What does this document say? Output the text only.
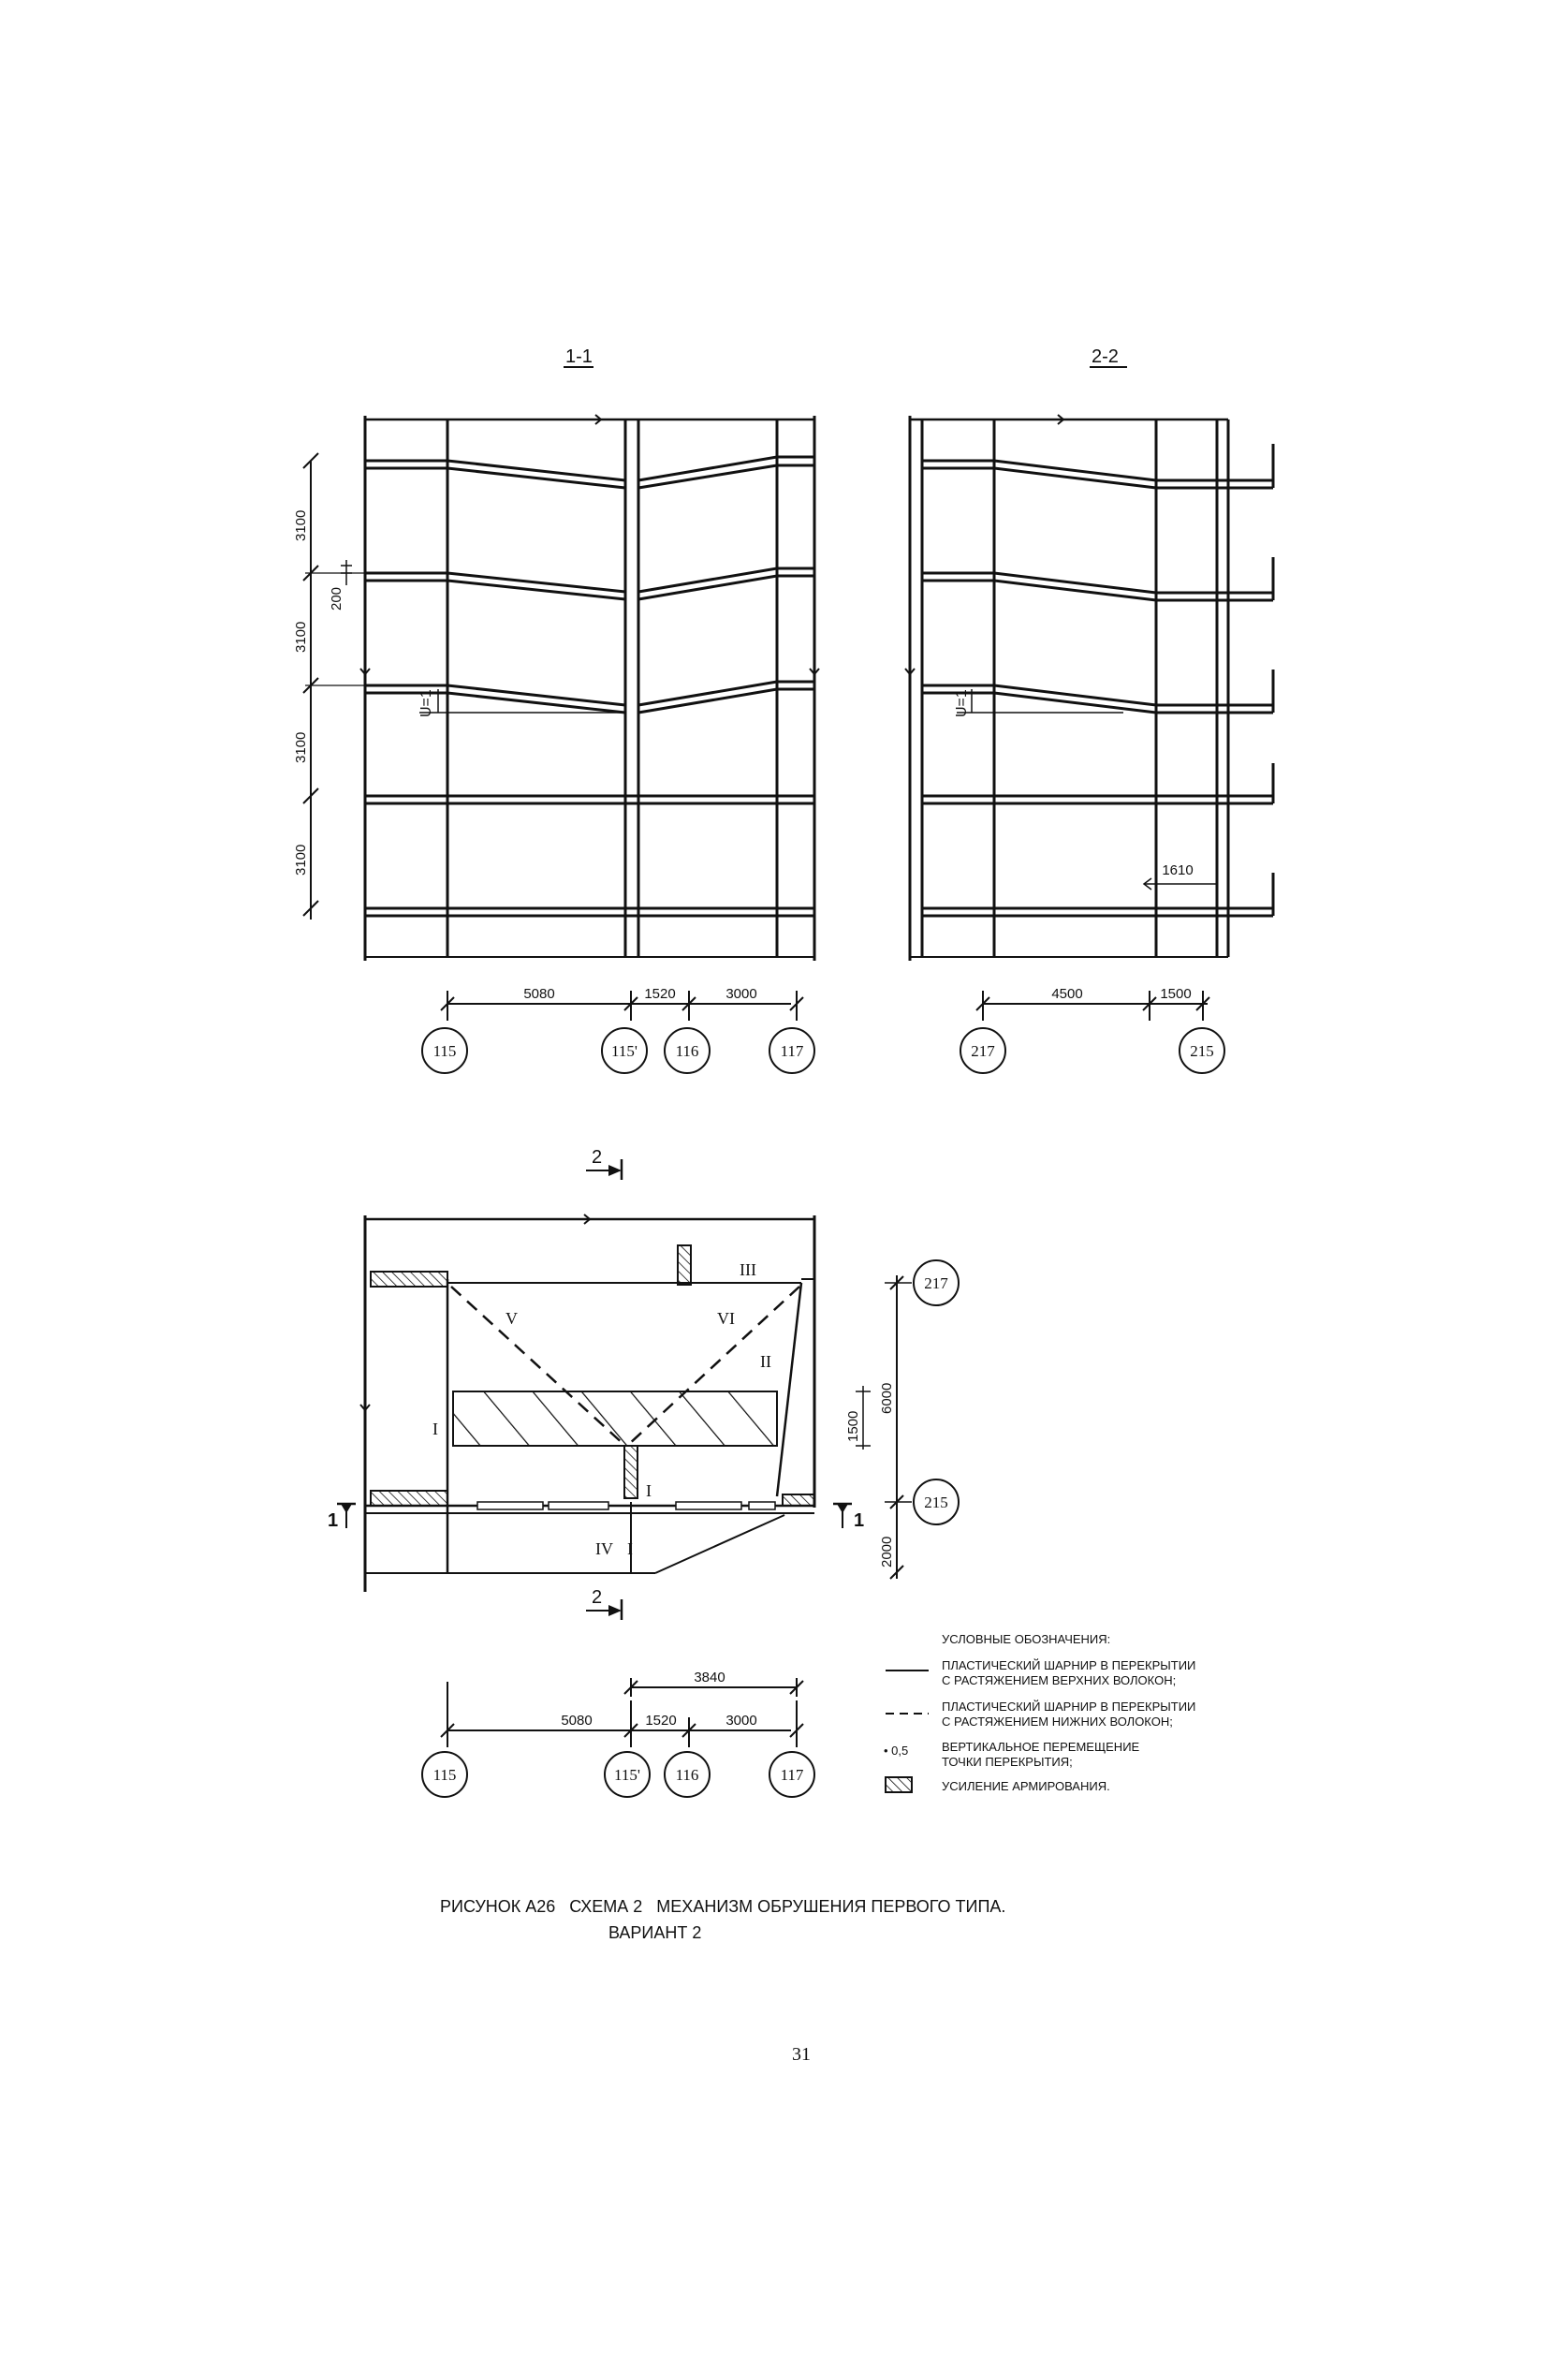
1-1
U=1
3100
3100
3100
3100
200
5080	1520	3000
115	115' 116	117
2-2
U=1
1610
4500	1500
217	215
2
2
1	1
I
I
II
III
IV I
V	VI
6000
2000
1500
217
215
3840
5080	1520	3000
115	115' 116	117
УСЛОВНЫЕ ОБОЗНАЧЕНИЯ:
ПЛАСТИЧЕСКИЙ ШАРНИР В ПЕРЕКРЫТИИ
С РАСТЯЖЕНИЕМ ВЕРХНИХ ВОЛОКОН;
ПЛАСТИЧЕСКИЙ ШАРНИР В ПЕРЕКРЫТИИ
С РАСТЯЖЕНИЕМ НИЖНИХ ВОЛОКОН;
• 0,5	ВЕРТИКАЛЬНОЕ ПЕРЕМЕЩЕНИЕ
ТОЧКИ ПЕРЕКРЫТИЯ;
УСИЛЕНИЕ АРМИРОВАНИЯ.
РИСУНОК А26   СХЕМА 2   МЕХАНИЗМ ОБРУШЕНИЯ ПЕРВОГО ТИПА.
ВАРИАНТ 2
31
